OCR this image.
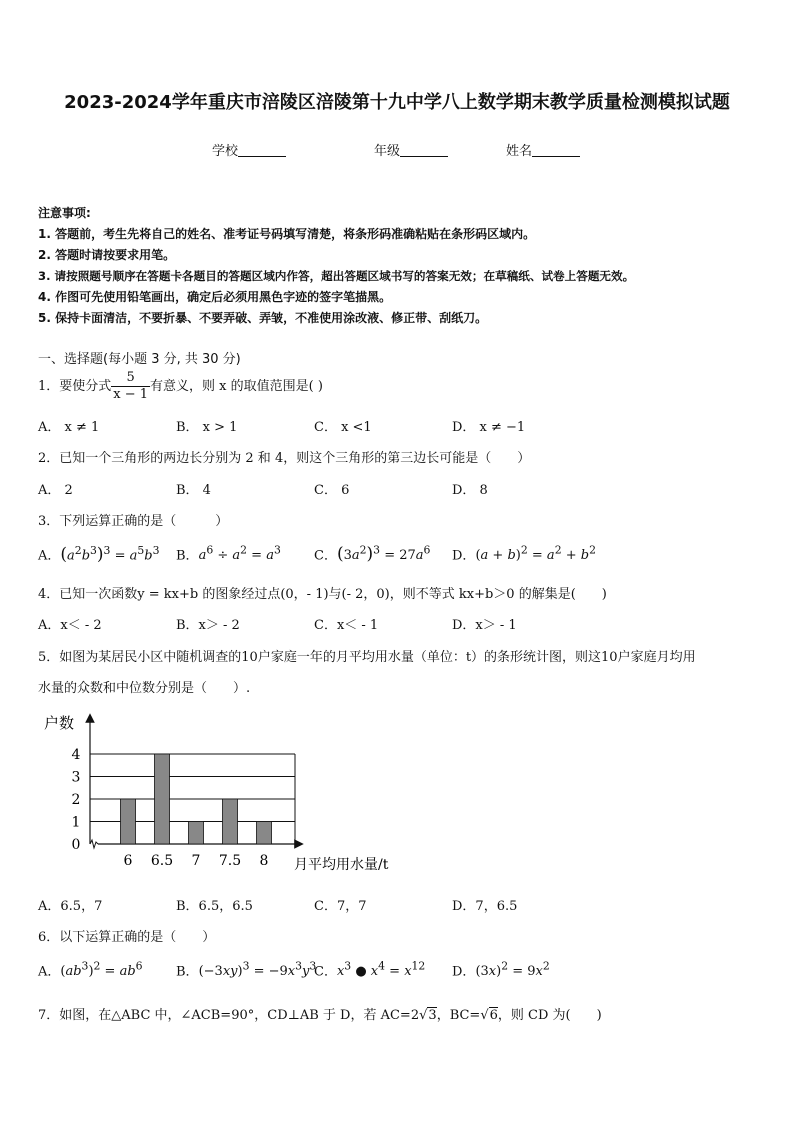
2023-2024学年重庆市涪陵区涪陵第十九中学八上数学期末教学质量检测模拟试题
学校	年级	姓名
注意事项:
1. 答题前，考生先将自己的姓名、准考证号码填写清楚，将条形码准确粘贴在条形码区域内。
2. 答题时请按要求用笔。
3. 请按照题号顺序在答题卡各题目的答题区域内作答，超出答题区域书写的答案无效；在草稿纸、试卷上答题无效。
4. 作图可先使用铅笔画出，确定后必须用黑色字迹的签字笔描黑。
5. 保持卡面清洁，不要折暴、不要弄破、弄皱，不准使用涂改液、修正带、刮纸刀。
一、选择题(每小题 3 分, 共 30 分)
1．要使分式 $\frac{5}{x - 1}$ 有意义，则 x 的取值范围是( )
A． x ≠ 1	B． x > 1	C． x <1	D． x ≠ −1
2．已知一个三角形的两边长分别为 2 和 4，则这个三角形的第三边长可能是（　　）
A． 2	B． 4	C． 6	D． 8
3．下列运算正确的是（　　　）
A．$(a^2b^3)^3 = a^5b^3$ B．$a^6 \div a^2 = a^3$	C．$(3a^2)^3 = 27a^6$ D．$(a + b)^2 = a^2 + b^2$
4．已知一次函数y = kx+b 的图象经过点(0，- 1)与(- 2，0)，则不等式 kx+b＞0 的解集是(　　)
A．x＜ - 2	B．x＞ - 2	C．x＜ - 1	D．x＞ - 1
5．如图为某居民小区中随机调查的10户家庭一年的月平均用水量（单位：t）的条形统计图，则这10户家庭月均用
水量的众数和中位数分别是（　　）.
0
1
2
3
4
6 6.5 7 7.5 8
户数
月平均用水量/t
A．6.5，7	B．6.5，6.5	C．7，7	D．7，6.5
6．以下运算正确的是（　　）
A．$(ab^3)^2 = ab^6$	B．$(-3xy)^3 = -9x^3y^3$
C．$x^3$ ● $x^4 = x^{12}$ D．$(3x)^2 = 9x^2$
7．如图，在△ABC 中，∠ACB=90°，CD⊥AB 于 D，若 AC=2√3，BC=√6，则 CD 为(　　)
